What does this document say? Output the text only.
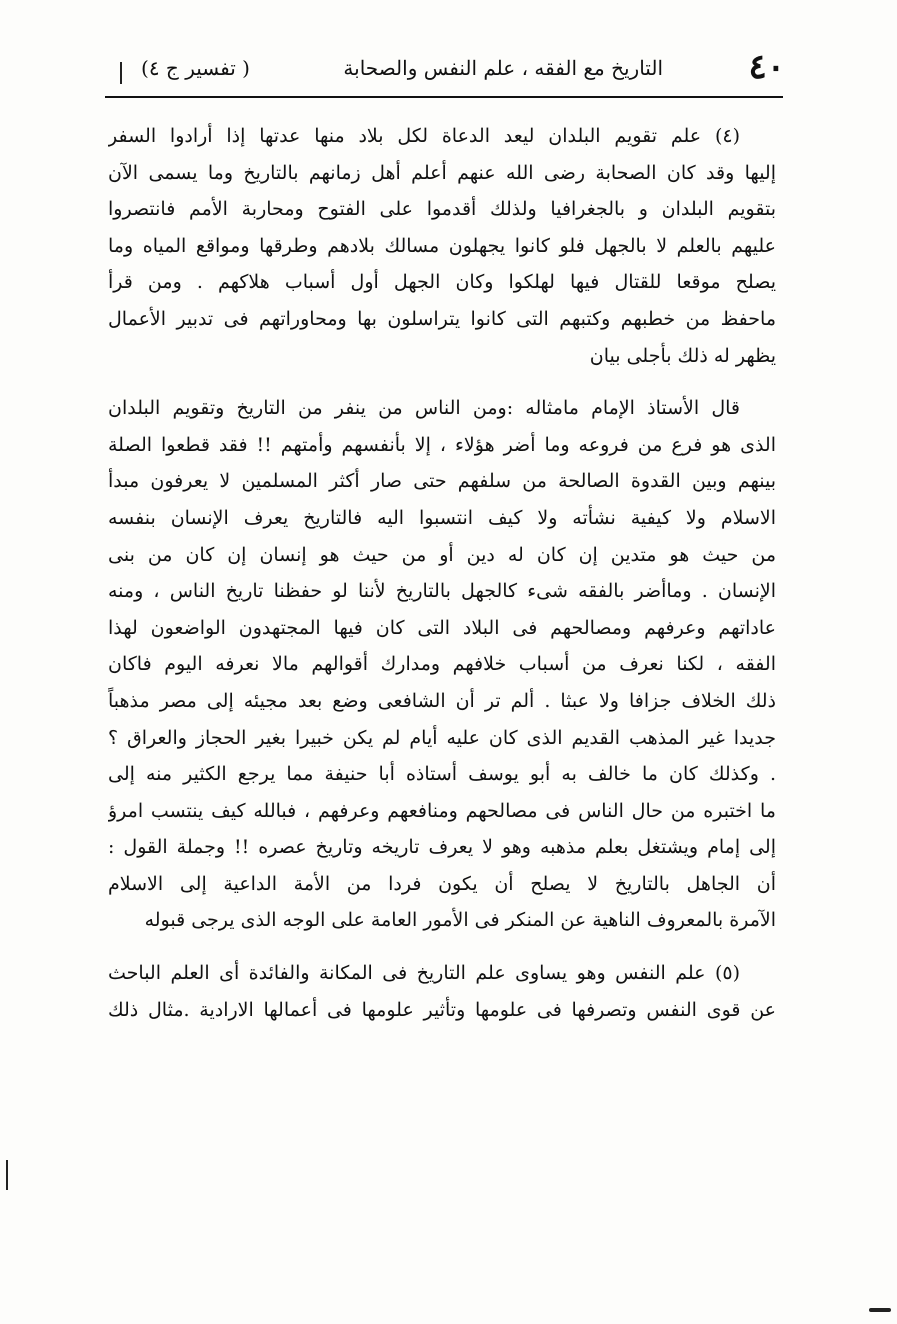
٤٠
التاريخ مع الفقه ، علم النفس والصحابة
( تفسير ج ٤)
(٤) علم تقويم البلدان ليعد الدعاة لكل بلاد منها عدتها إذا أرادوا السفر
إليها وقد كان الصحابة رضى الله عنهم أعلم أهل زمانهم بالتاريخ وما يسمى الآن
بتقويم البلدان و بالجغرافيا ولذلك أقدموا على الفتوح ومحاربة الأمم فانتصروا
عليهم بالعلم لا بالجهل فلو كانوا يجهلون مسالك بلادهم وطرقها ومواقع المياه وما
يصلح موقعا للقتال فيها لهلكوا وكان الجهل أول أسباب هلاكهم . ومن قرأ
ماحفظ من خطبهم وكتبهم التى كانوا يتراسلون بها ومحاوراتهم فى تدبير الأعمال
يظهر له ذلك بأجلى بيان
قال الأستاذ الإمام مامثاله :ومن الناس من ينفر من التاريخ وتقويم البلدان
الذى هو فرع من فروعه وما أضر هؤلاء ، إلا بأنفسهم وأمتهم !! فقد قطعوا الصلة
بينهم وبين القدوة الصالحة من سلفهم حتى صار أكثر المسلمين لا يعرفون مبدأ
الاسلام ولا كيفية نشأته ولا كيف انتسبوا اليه فالتاريخ يعرف الإنسان بنفسه
من حيث هو متدين إن كان له دين أو من حيث هو إنسان إن كان من بنى
الإنسان . وماأضر بالفقه شىء كالجهل بالتاريخ لأننا لو حفظنا تاريخ الناس ، ومنه
عاداتهم وعرفهم ومصالحهم فى البلاد التى كان فيها المجتهدون الواضعون لهذا
الفقه ، لكنا نعرف من أسباب خلافهم ومدارك أقوالهم مالا نعرفه اليوم فاكان
ذلك الخلاف جزافا ولا عبثا . ألم تر أن الشافعى وضع بعد مجيئه إلى مصر مذهباً
جديدا غير المذهب القديم الذى كان عليه أيام لم يكن خبيرا بغير الحجاز والعراق ؟
. وكذلك كان ما خالف به أبو يوسف أستاذه أبا حنيفة مما يرجع الكثير منه إلى
ما اختبره من حال الناس فى مصالحهم ومنافعهم وعرفهم ، فبالله كيف ينتسب امرؤ
إلى إمام ويشتغل بعلم مذهبه وهو لا يعرف تاريخه وتاريخ عصره !! وجملة القول :
أن الجاهل بالتاريخ لا يصلح أن يكون فردا من الأمة الداعية إلى الاسلام
الآمرة بالمعروف الناهية عن المنكر فى الأمور العامة على الوجه الذى يرجى قبوله
(٥) علم النفس وهو يساوى علم التاريخ فى المكانة والفائدة أى العلم الباحث
عن قوى النفس وتصرفها فى علومها وتأثير علومها فى أعمالها الارادية .مثال ذلك
